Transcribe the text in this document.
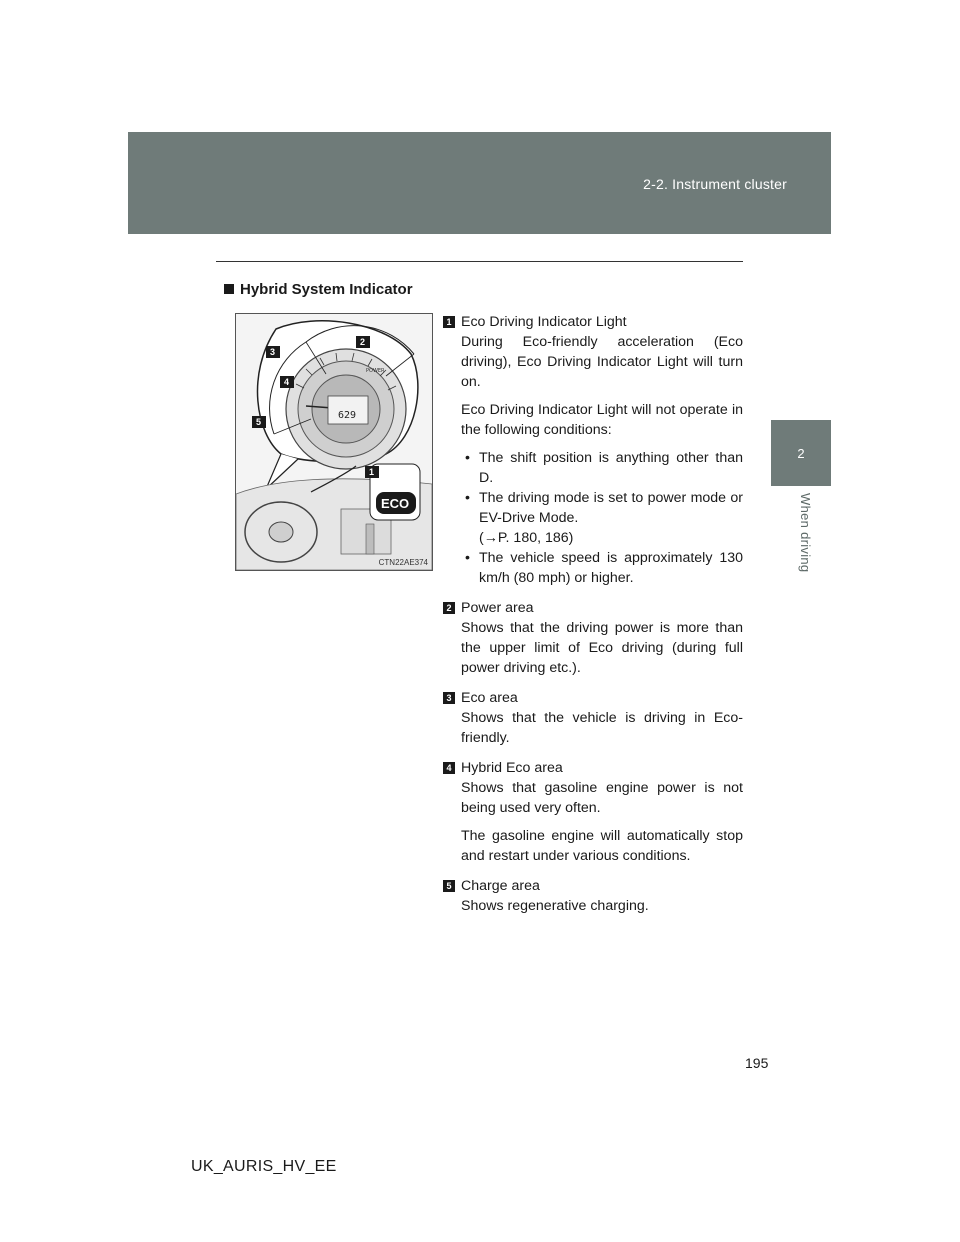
2-2. Instrument cluster
2
When driving
Hybrid System Indicator
629
POWER
2
3
4
5
1
ECO
CTN22AE374
1 Eco Driving Indicator Light
During Eco-friendly acceleration (Eco driving), Eco Driving Indicator Light will turn on.
Eco Driving Indicator Light will not operate in the following conditions:
• The shift position is anything other than D.
• The driving mode is set to power mode or EV-Drive Mode.
(→P. 180, 186)
• The vehicle speed is approximately 130 km/h (80 mph) or higher.
2 Power area
Shows that the driving power is more than the upper limit of Eco driving (during full power driving etc.).
3 Eco area
Shows that the vehicle is driving in Eco-friendly.
4 Hybrid Eco area
Shows that gasoline engine power is not being used very often.
The gasoline engine will automatically stop and restart under various conditions.
5 Charge area
Shows regenerative charging.
195
UK_AURIS_HV_EE
